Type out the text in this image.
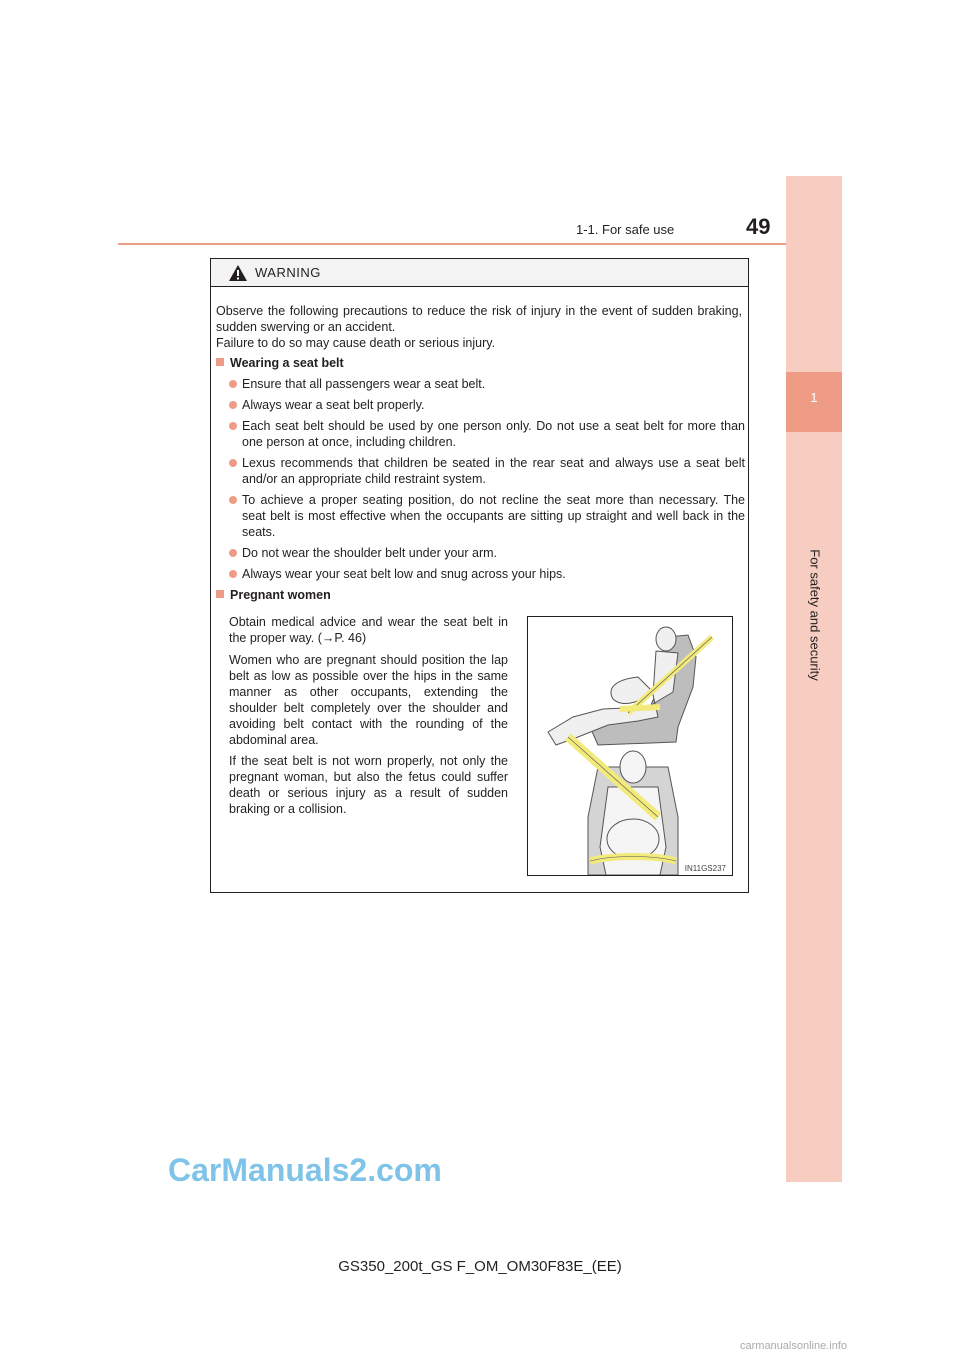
1-1. For safe use	49
1
For safety and security
WARNING
Observe the following precautions to reduce the risk of injury in the event of sudden braking, sudden swerving or an accident.
Failure to do so may cause death or serious injury.
Wearing a seat belt
Ensure that all passengers wear a seat belt.
Always wear a seat belt properly.
Each seat belt should be used by one person only. Do not use a seat belt for more than one person at once, including children.
Lexus recommends that children be seated in the rear seat and always use a seat belt and/or an appropriate child restraint system.
To achieve a proper seating position, do not recline the seat more than necessary. The seat belt is most effective when the occupants are sitting up straight and well back in the seats.
Do not wear the shoulder belt under your arm.
Always wear your seat belt low and snug across your hips.
Pregnant women
Obtain medical advice and wear the seat belt in the proper way. (→P. 46)
Women who are pregnant should position the lap belt as low as possible over the hips in the same manner as other occupants, extending the shoulder belt completely over the shoulder and avoiding belt contact with the rounding of the abdominal area.
If the seat belt is not worn properly, not only the pregnant woman, but also the fetus could suffer death or serious injury as a result of sudden braking or a collision.
IN11GS237
GS350_200t_GS F_OM_OM30F83E_(EE)
CarManuals2.com
carmanualsonline.info
